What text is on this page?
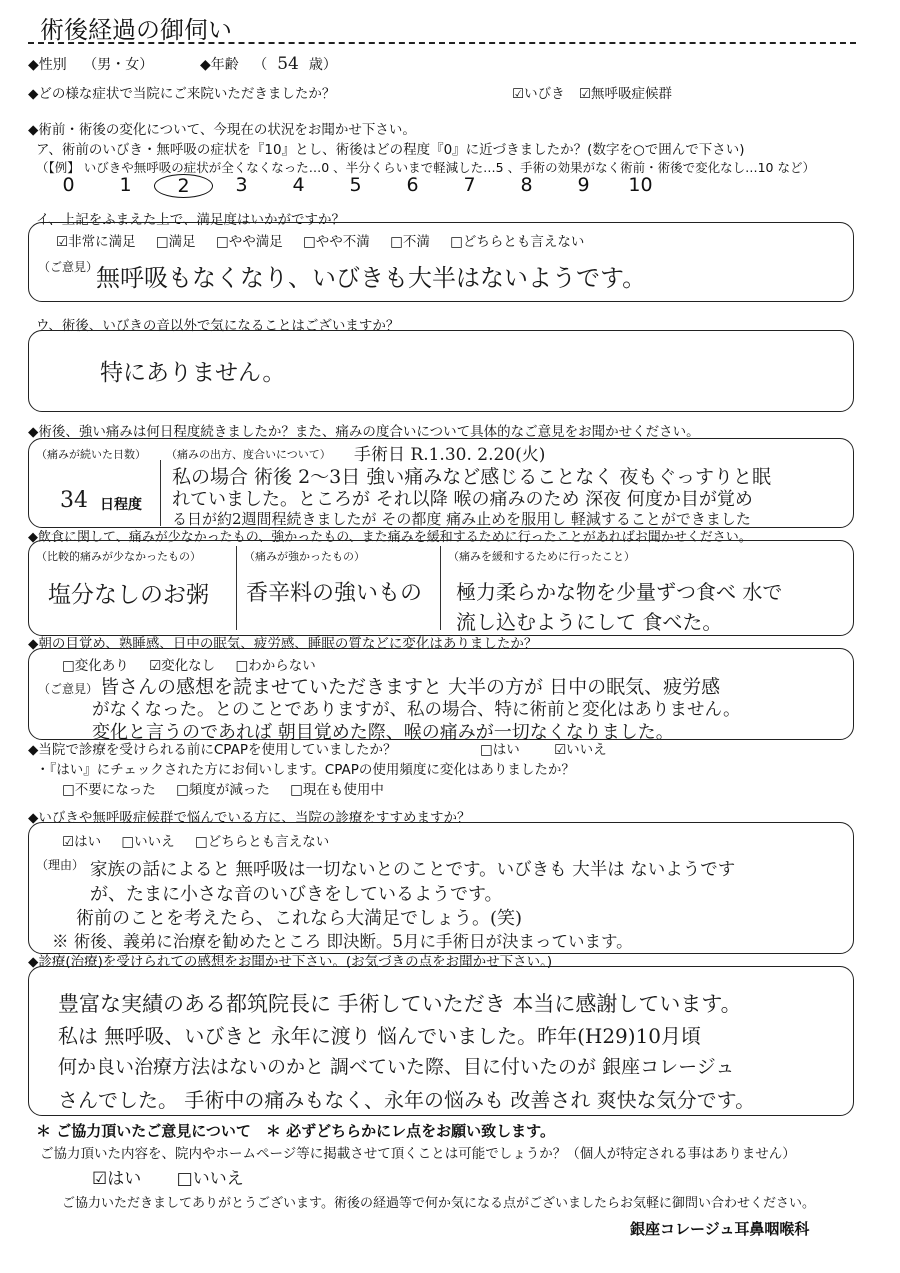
術後経過の御伺い
◆性別 （男・女）	◆年齢 （ 54 歳）
◆どの様な症状で当院にご来院いただきましたか？	☑いびき ☑無呼吸症候群
◆術前・術後の変化について、今現在の状況をお聞かせ下さい。
ア、術前のいびき・無呼吸の症状を『10』とし、術後はどの程度『0』に近づきましたか？(数字を○で囲んで下さい)
（【例】 いびきや無呼吸の症状が全くなくなった…0 、半分くらいまで軽減した…5 、手術の効果がなく術前・術後で変化なし…10 など）
0	1	2	3	4	5	6	7	8	9	10
イ、上記をふまえた上で、満足度はいかがですか？
☑非常に満足 □満足 □やや満足 □やや不満 □不満 □どちらとも言えない
（ご意見）
無呼吸もなくなり、いびきも大半はないようです。
ウ、術後、いびきの音以外で気になることはございますか？
特にありません。
◆術後、強い痛みは何日程度続きましたか？また、痛みの度合いについて具体的なご意見をお聞かせください。
（痛みが続いた日数）
34 日程度
（痛みの出方、度合いについて） 手術日 R.1.30. 2.20(火)
私の場合 術後 2〜3日 強い痛みなど感じることなく 夜もぐっすりと眠
れていました。ところが それ以降 喉の痛みのため 深夜 何度か目が覚め
る日が約2週間程続きましたが その都度 痛み止めを服用し 軽減することができました
◆飲食に関して、痛みが少なかったもの、強かったもの、また痛みを緩和するために行ったことがあればお聞かせください。
（比較的痛みが少なかったもの）
塩分なしのお粥
（痛みが強かったもの）
香辛料の強いもの
（痛みを緩和するために行ったこと）
極力柔らかな物を少量ずつ食べ 水で
流し込むようにして 食べた。
◆朝の目覚め、熟睡感、日中の眠気、疲労感、睡眠の質などに変化はありましたか？
□変化あり ☑変化なし □わからない
（ご意見） 皆さんの感想を読ませていただきますと 大半の方が 日中の眠気、疲労感
がなくなった。とのことでありますが、私の場合、特に術前と変化はありません。
変化と言うのであれば 朝目覚めた際、喉の痛みが一切なくなりました。
◆当院で診療を受けられる前にCPAPを使用していましたか？	□はい	☑いいえ
・『はい』にチェックされた方にお伺いします。CPAPの使用頻度に変化はありましたか？
□不要になった □頻度が減った □現在も使用中
◆いびきや無呼吸症候群で悩んでいる方に、当院の診療をすすめますか？
☑はい □いいえ □どちらとも言えない
（理由） 家族の話によると 無呼吸は一切ないとのことです。いびきも 大半は ないようです
が、たまに小さな音のいびきをしているようです。
術前のことを考えたら、これなら大満足でしょう。(笑)
※ 術後、義弟に治療を勧めたところ 即決断。5月に手術日が決まっています。
◆診療(治療)を受けられての感想をお聞かせ下さい。(お気づきの点をお聞かせ下さい。)
豊富な実績のある都筑院長に 手術していただき 本当に感謝しています。
私は 無呼吸、いびきと 永年に渡り 悩んでいました。昨年(H29)10月頃
何か良い治療方法はないのかと 調べていた際、目に付いたのが 銀座コレージュ
さんでした。 手術中の痛みもなく、永年の悩みも 改善され 爽快な気分です。
＊ ご協力頂いたご意見について　＊ 必ずどちらかにレ点をお願い致します。
ご協力頂いた内容を、院内やホームページ等に掲載させて頂くことは可能でしょうか？（個人が特定される事はありません）
☑はい □いいえ
ご協力いただきましてありがとうございます。術後の経過等で何か気になる点がございましたらお気軽に御問い合わせください。
銀座コレージュ耳鼻咽喉科
